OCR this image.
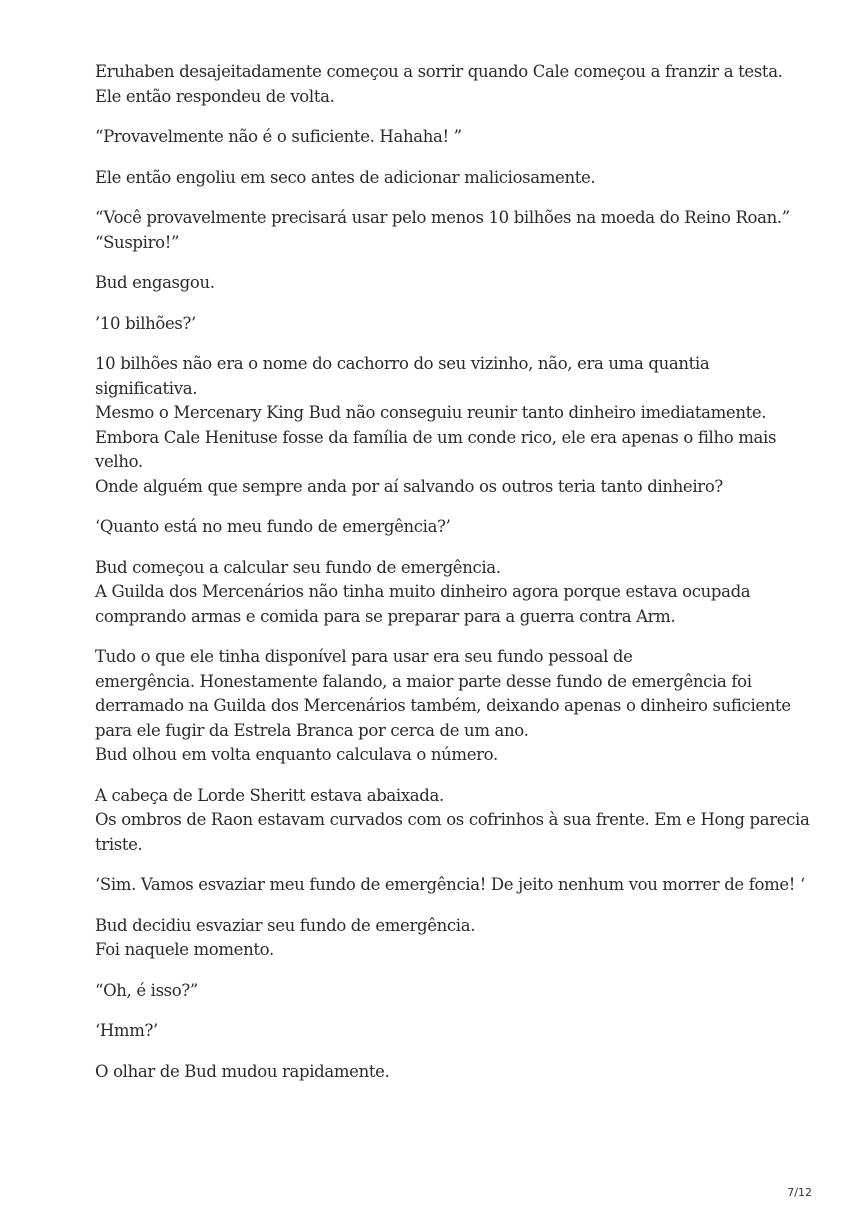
Eruhaben desajeitadamente começou a sorrir quando Cale começou a franzir a testa.
Ele então respondeu de volta.

“Provavelmente não é o suficiente. Hahaha! ”

Ele então engoliu em seco antes de adicionar maliciosamente.

“Você provavelmente precisará usar pelo menos 10 bilhões na moeda do Reino Roan.”
“Suspiro!”

Bud engasgou.

’10 bilhões?’

10 bilhões não era o nome do cachorro do seu vizinho, não, era uma quantia
significativa.
Mesmo o Mercenary King Bud não conseguiu reunir tanto dinheiro imediatamente.
Embora Cale Henituse fosse da família de um conde rico, ele era apenas o filho mais
velho.
Onde alguém que sempre anda por aí salvando os outros teria tanto dinheiro?

‘Quanto está no meu fundo de emergência?’

Bud começou a calcular seu fundo de emergência.
A Guilda dos Mercenários não tinha muito dinheiro agora porque estava ocupada
comprando armas e comida para se preparar para a guerra contra Arm.

Tudo o que ele tinha disponível para usar era seu fundo pessoal de
emergência. Honestamente falando, a maior parte desse fundo de emergência foi
derramado na Guilda dos Mercenários também, deixando apenas o dinheiro suficiente
para ele fugir da Estrela Branca por cerca de um ano.
Bud olhou em volta enquanto calculava o número.

A cabeça de Lorde Sheritt estava abaixada.
Os ombros de Raon estavam curvados com os cofrinhos à sua frente. Em e Hong parecia
triste.

‘Sim. Vamos esvaziar meu fundo de emergência! De jeito nenhum vou morrer de fome! ‘

Bud decidiu esvaziar seu fundo de emergência.
Foi naquele momento.

“Oh, é isso?”

‘Hmm?’

O olhar de Bud mudou rapidamente.

7/12
